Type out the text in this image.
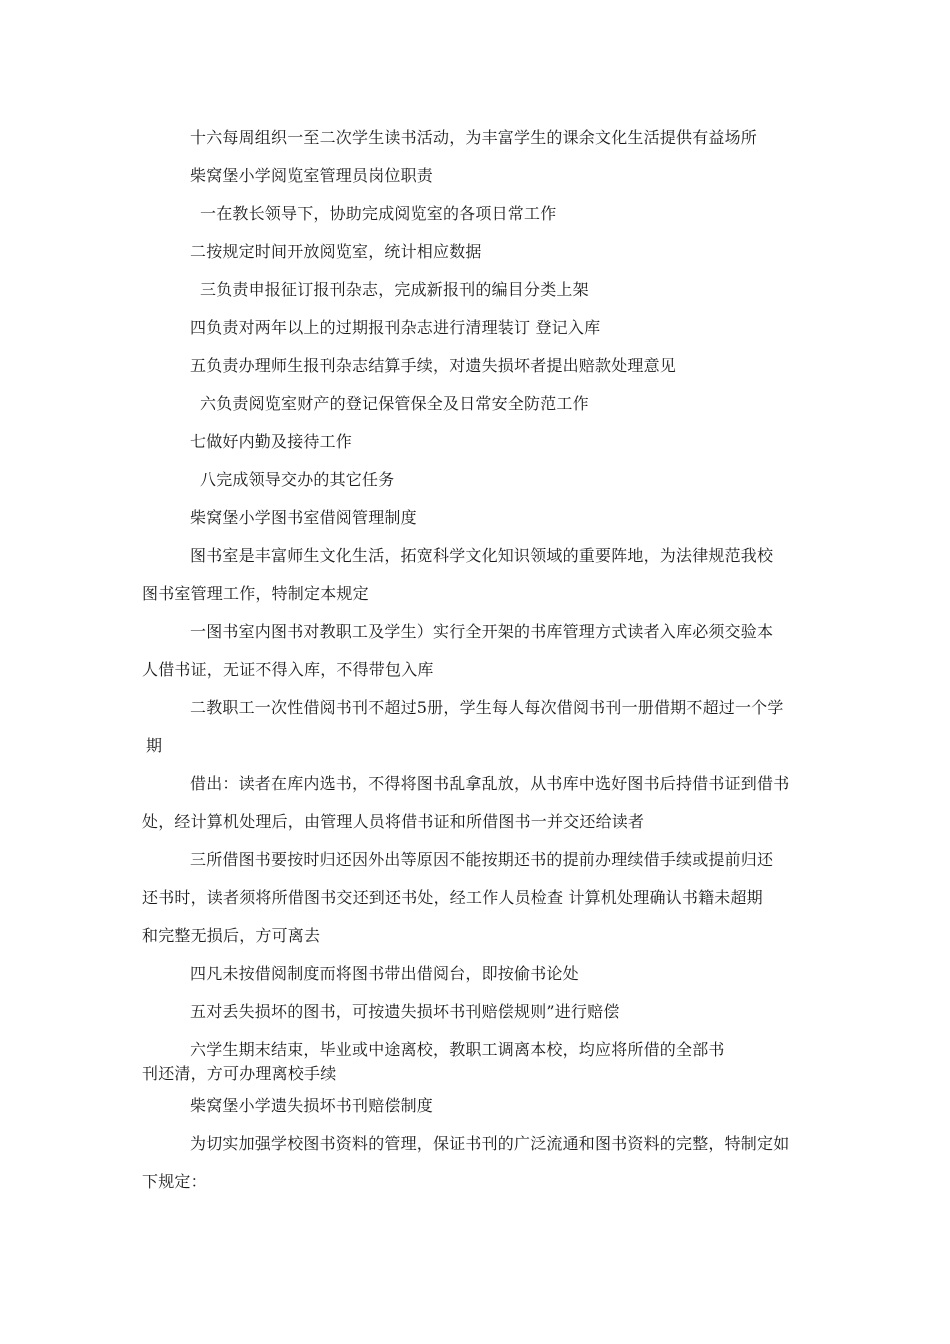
十六每周组织一至二次学生读书活动，为丰富学生的课余文化生活提供有益场所
柴窝堡小学阅览室管理员岗位职责
一在教长领导下，协助完成阅览室的各项日常工作
二按规定时间开放阅览室，统计相应数据
三负责申报征订报刊杂志，完成新报刊的编目分类上架
四负责对两年以上的过期报刊杂志进行清理装订 登记入库
五负责办理师生报刊杂志结算手续，对遗失损坏者提出赔款处理意见
六负责阅览室财产的登记保管保全及日常安全防范工作
七做好内勤及接待工作
八完成领导交办的其它任务
柴窝堡小学图书室借阅管理制度
图书室是丰富师生文化生活，拓宽科学文化知识领域的重要阵地，为法律规范我校
图书室管理工作，特制定本规定
一图书室内图书对教职工及学生）实行全开架的书库管理方式读者入库必须交验本
人借书证，无证不得入库，不得带包入库
二教职工一次性借阅书刊不超过5册，学生每人每次借阅书刊一册借期不超过一个学
期
借出：读者在库内选书，不得将图书乱拿乱放，从书库中选好图书后持借书证到借书
处，经计算机处理后，由管理人员将借书证和所借图书一并交还给读者
三所借图书要按时归还因外出等原因不能按期还书的提前办理续借手续或提前归还
还书时，读者须将所借图书交还到还书处，经工作人员检查 计算机处理确认书籍未超期
和完整无损后，方可离去
四凡未按借阅制度而将图书带出借阅台，即按偷书论处
五对丢失损坏的图书，可按遗失损坏书刊赔偿规则”进行赔偿
六学生期末结束，毕业或中途离校，教职工调离本校，均应将所借的全部书
刊还清，方可办理离校手续
柴窝堡小学遗失损坏书刊赔偿制度
为切实加强学校图书资料的管理，保证书刊的广泛流通和图书资料的完整，特制定如
下规定：
